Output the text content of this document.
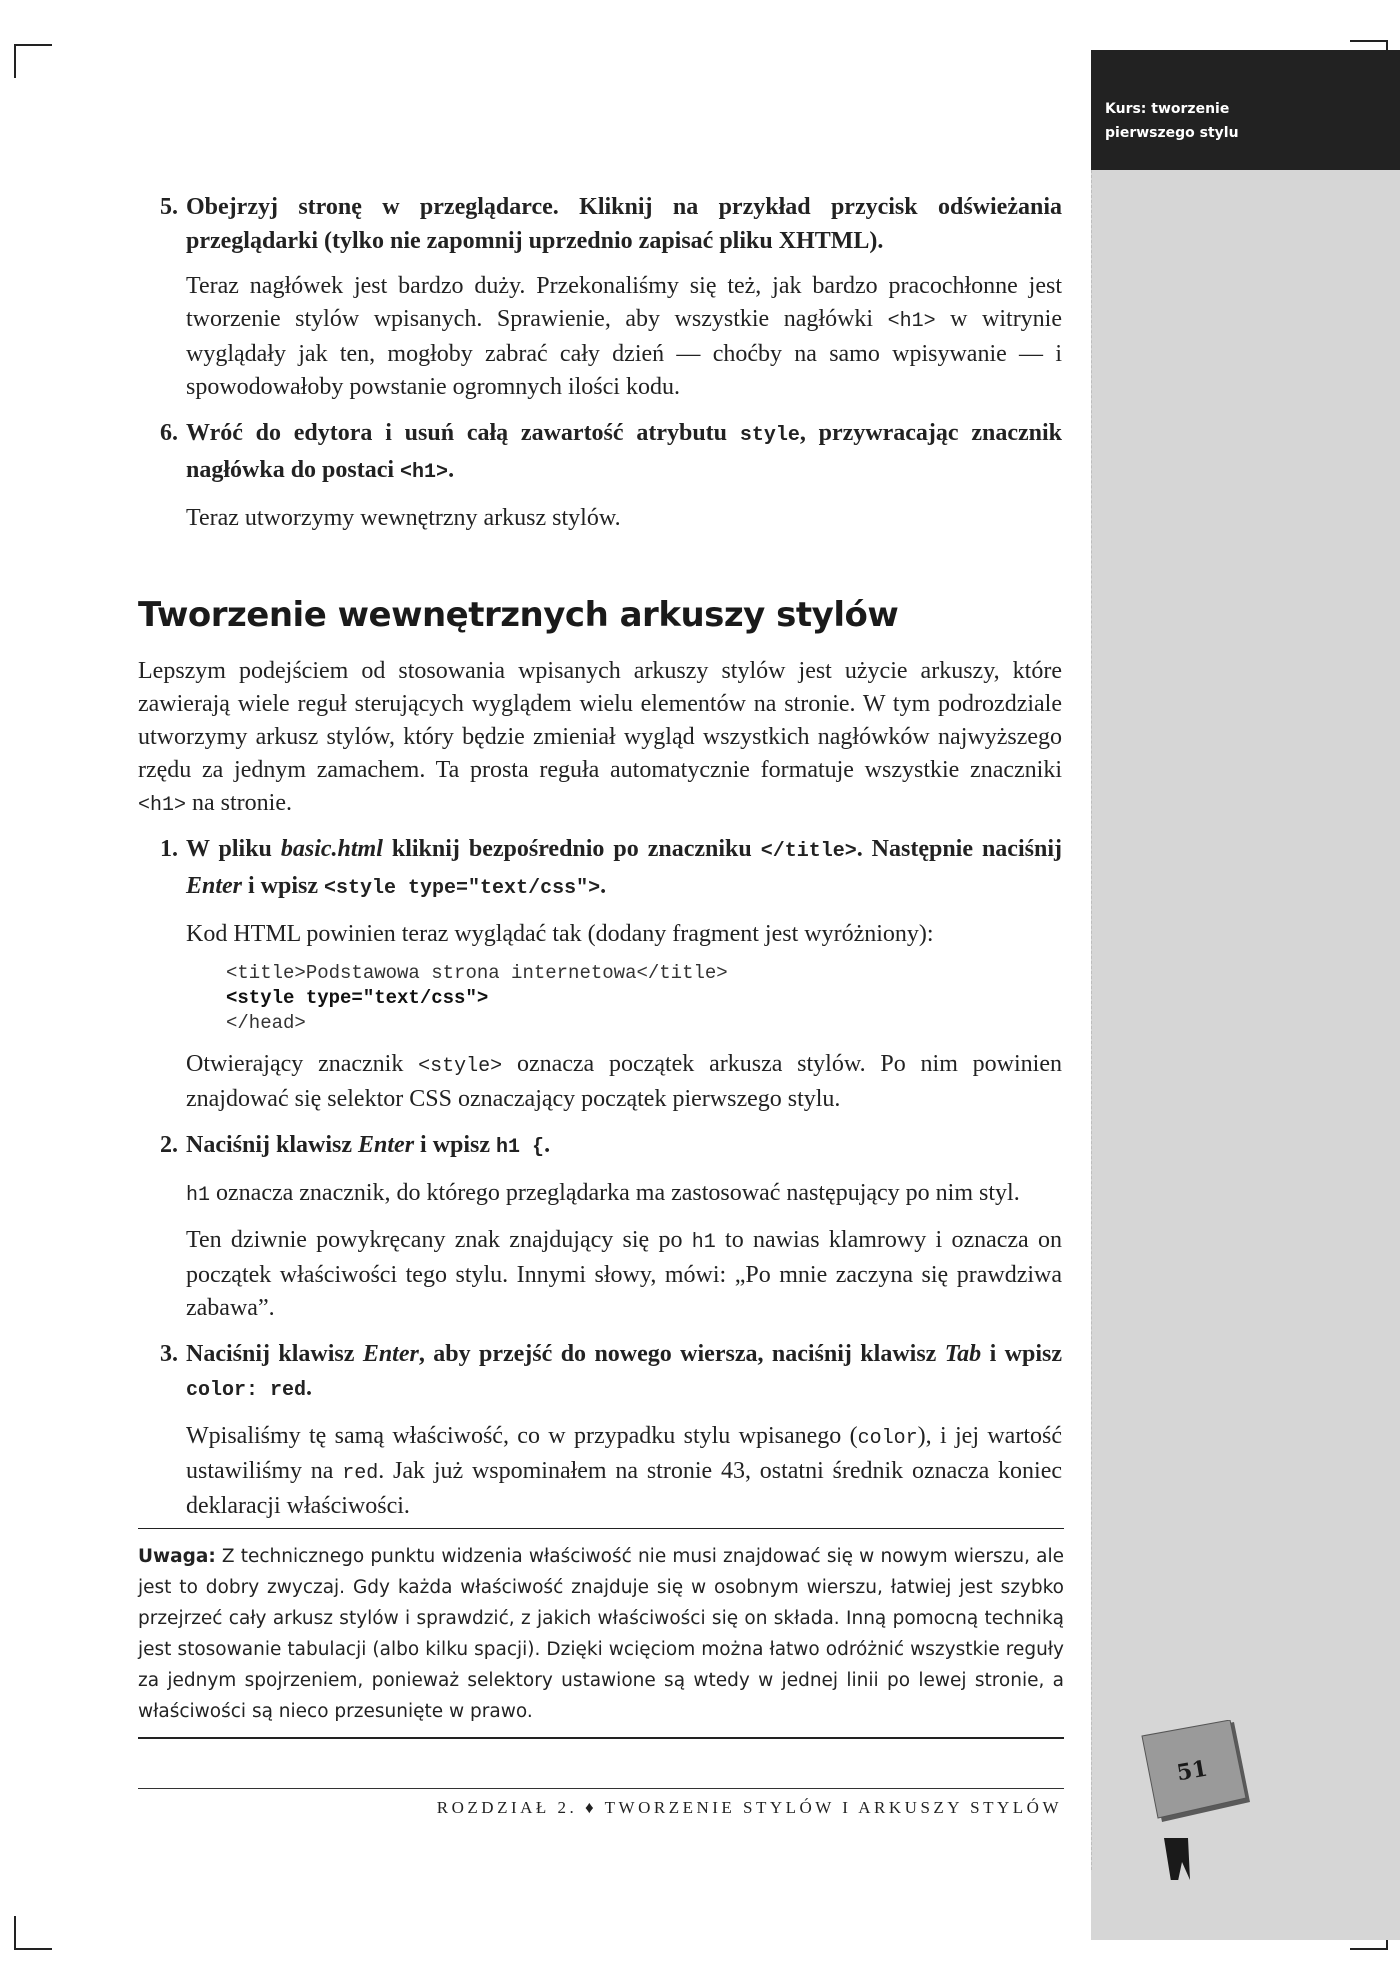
Kurs: tworzenie
pierwszego stylu
5. Obejrzyj stronę w przeglądarce. Kliknij na przykład przycisk odświeżania przeglądarki (tylko nie zapomnij uprzednio zapisać pliku XHTML).
Teraz nagłówek jest bardzo duży. Przekonaliśmy się też, jak bardzo pracochłonne jest tworzenie stylów wpisanych. Sprawienie, aby wszystkie nagłówki <h1> w witrynie wyglądały jak ten, mogłoby zabrać cały dzień — choćby na samo wpisywanie — i spowodowałoby powstanie ogromnych ilości kodu.
6. Wróć do edytora i usuń całą zawartość atrybutu style, przywracając znacznik nagłówka do postaci <h1>.
Teraz utworzymy wewnętrzny arkusz stylów.
Tworzenie wewnętrznych arkuszy stylów
Lepszym podejściem od stosowania wpisanych arkuszy stylów jest użycie arkuszy, które zawierają wiele reguł sterujących wyglądem wielu elementów na stronie. W tym podrozdziale utworzymy arkusz stylów, który będzie zmieniał wygląd wszystkich nagłówków najwyższego rzędu za jednym zamachem. Ta prosta reguła automatycznie formatuje wszystkie znaczniki <h1> na stronie.
1. W pliku basic.html kliknij bezpośrednio po znaczniku </title>. Następnie naciśnij Enter i wpisz <style type="text/css">.
Kod HTML powinien teraz wyglądać tak (dodany fragment jest wyróżniony):
<title>Podstawowa strona internetowa</title>
<style type="text/css">
</head>
Otwierający znacznik <style> oznacza początek arkusza stylów. Po nim powinien znajdować się selektor CSS oznaczający początek pierwszego stylu.
2. Naciśnij klawisz Enter i wpisz h1 {.
h1 oznacza znacznik, do którego przeglądarka ma zastosować następujący po nim styl.
Ten dziwnie powykręcany znak znajdujący się po h1 to nawias klamrowy i oznacza on początek właściwości tego stylu. Innymi słowy, mówi: „Po mnie zaczyna się prawdziwa zabawa”.
3. Naciśnij klawisz Enter, aby przejść do nowego wiersza, naciśnij klawisz Tab i wpisz color: red.
Wpisaliśmy tę samą właściwość, co w przypadku stylu wpisanego (color), i jej wartość ustawiliśmy na red. Jak już wspominałem na stronie 43, ostatni średnik oznacza koniec deklaracji właściwości.
Uwaga: Z technicznego punktu widzenia właściwość nie musi znajdować się w nowym wierszu, ale jest to dobry zwyczaj. Gdy każda właściwość znajduje się w osobnym wierszu, łatwiej jest szybko przejrzeć cały arkusz stylów i sprawdzić, z jakich właściwości się on składa. Inną pomocną techniką jest stosowanie tabulacji (albo kilku spacji). Dzięki wcięciom można łatwo odróżnić wszystkie reguły za jednym spojrzeniem, ponieważ selektory ustawione są wtedy w jednej linii po lewej stronie, a właściwości są nieco przesunięte w prawo.
ROZDZIAŁ 2. ♦ TWORZENIE STYLÓW I ARKUSZY STYLÓW
51
